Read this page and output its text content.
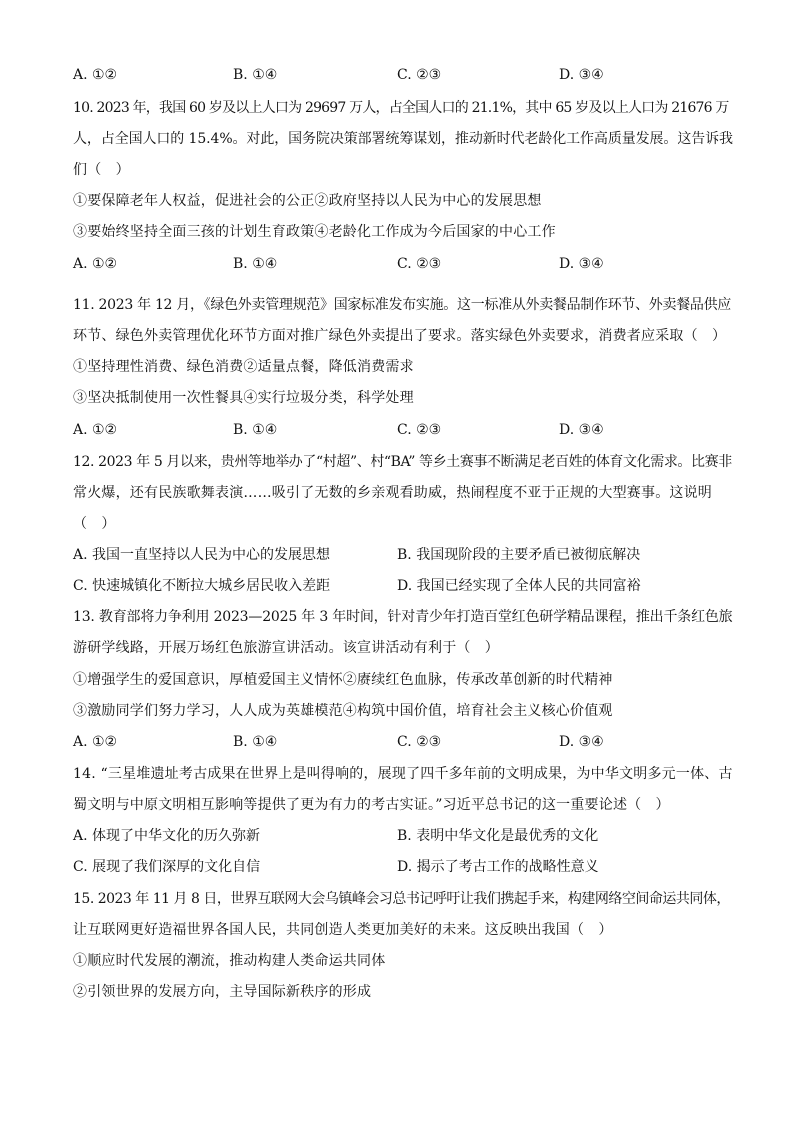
A. ①②	B. ①④	C. ②③	D. ③④
10. 2023 年，我国 60 岁及以上人口为 29697 万人，占全国人口的 21.1%，其中 65 岁及以上人口为 21676 万
人，占全国人口的 15.4%。对此，国务院决策部署统筹谋划，推动新时代老龄化工作高质量发展。这告诉我
们（　）
①要保障老年人权益，促进社会的公正②政府坚持以人民为中心的发展思想
③要始终坚持全面三孩的计划生育政策④老龄化工作成为今后国家的中心工作
A. ①②	B. ①④	C. ②③	D. ③④
11. 2023 年 12 月，《绿色外卖管理规范》国家标准发布实施。这一标准从外卖餐品制作环节、外卖餐品供应
环节、绿色外卖管理优化环节方面对推广绿色外卖提出了要求。落实绿色外卖要求，消费者应采取（　）
①坚持理性消费、绿色消费②适量点餐，降低消费需求
③坚决抵制使用一次性餐具④实行垃圾分类，科学处理
A. ①②	B. ①④	C. ②③	D. ③④
12. 2023 年 5 月以来，贵州等地举办了“村超”、村“BA” 等乡土赛事不断满足老百姓的体育文化需求。比赛非
常火爆，还有民族歌舞表演……吸引了无数的乡亲观看助威，热闹程度不亚于正规的大型赛事。这说明
（　）
A. 我国一直坚持以人民为中心的发展思想	B. 我国现阶段的主要矛盾已被彻底解决
C. 快速城镇化不断拉大城乡居民收入差距	D. 我国已经实现了全体人民的共同富裕
13. 教育部将力争利用 2023—2025 年 3 年时间，针对青少年打造百堂红色研学精品课程，推出千条红色旅
游研学线路，开展万场红色旅游宣讲活动。该宣讲活动有利于（　）
①增强学生的爱国意识，厚植爱国主义情怀②赓续红色血脉，传承改革创新的时代精神
③激励同学们努力学习，人人成为英雄模范④构筑中国价值，培育社会主义核心价值观
A. ①②	B. ①④	C. ②③	D. ③④
14. “三星堆遗址考古成果在世界上是叫得响的，展现了四千多年前的文明成果，为中华文明多元一体、古
蜀文明与中原文明相互影响等提供了更为有力的考古实证。”习近平总书记的这一重要论述（　）
A. 体现了中华文化的历久弥新	B. 表明中华文化是最优秀的文化
C. 展现了我们深厚的文化自信	D. 揭示了考古工作的战略性意义
15. 2023 年 11 月 8 日，世界互联网大会乌镇峰会习总书记呼吁让我们携起手来，构建网络空间命运共同体，
让互联网更好造福世界各国人民，共同创造人类更加美好的未来。这反映出我国（　）
①顺应时代发展的潮流，推动构建人类命运共同体
②引领世界的发展方向，主导国际新秩序的形成
